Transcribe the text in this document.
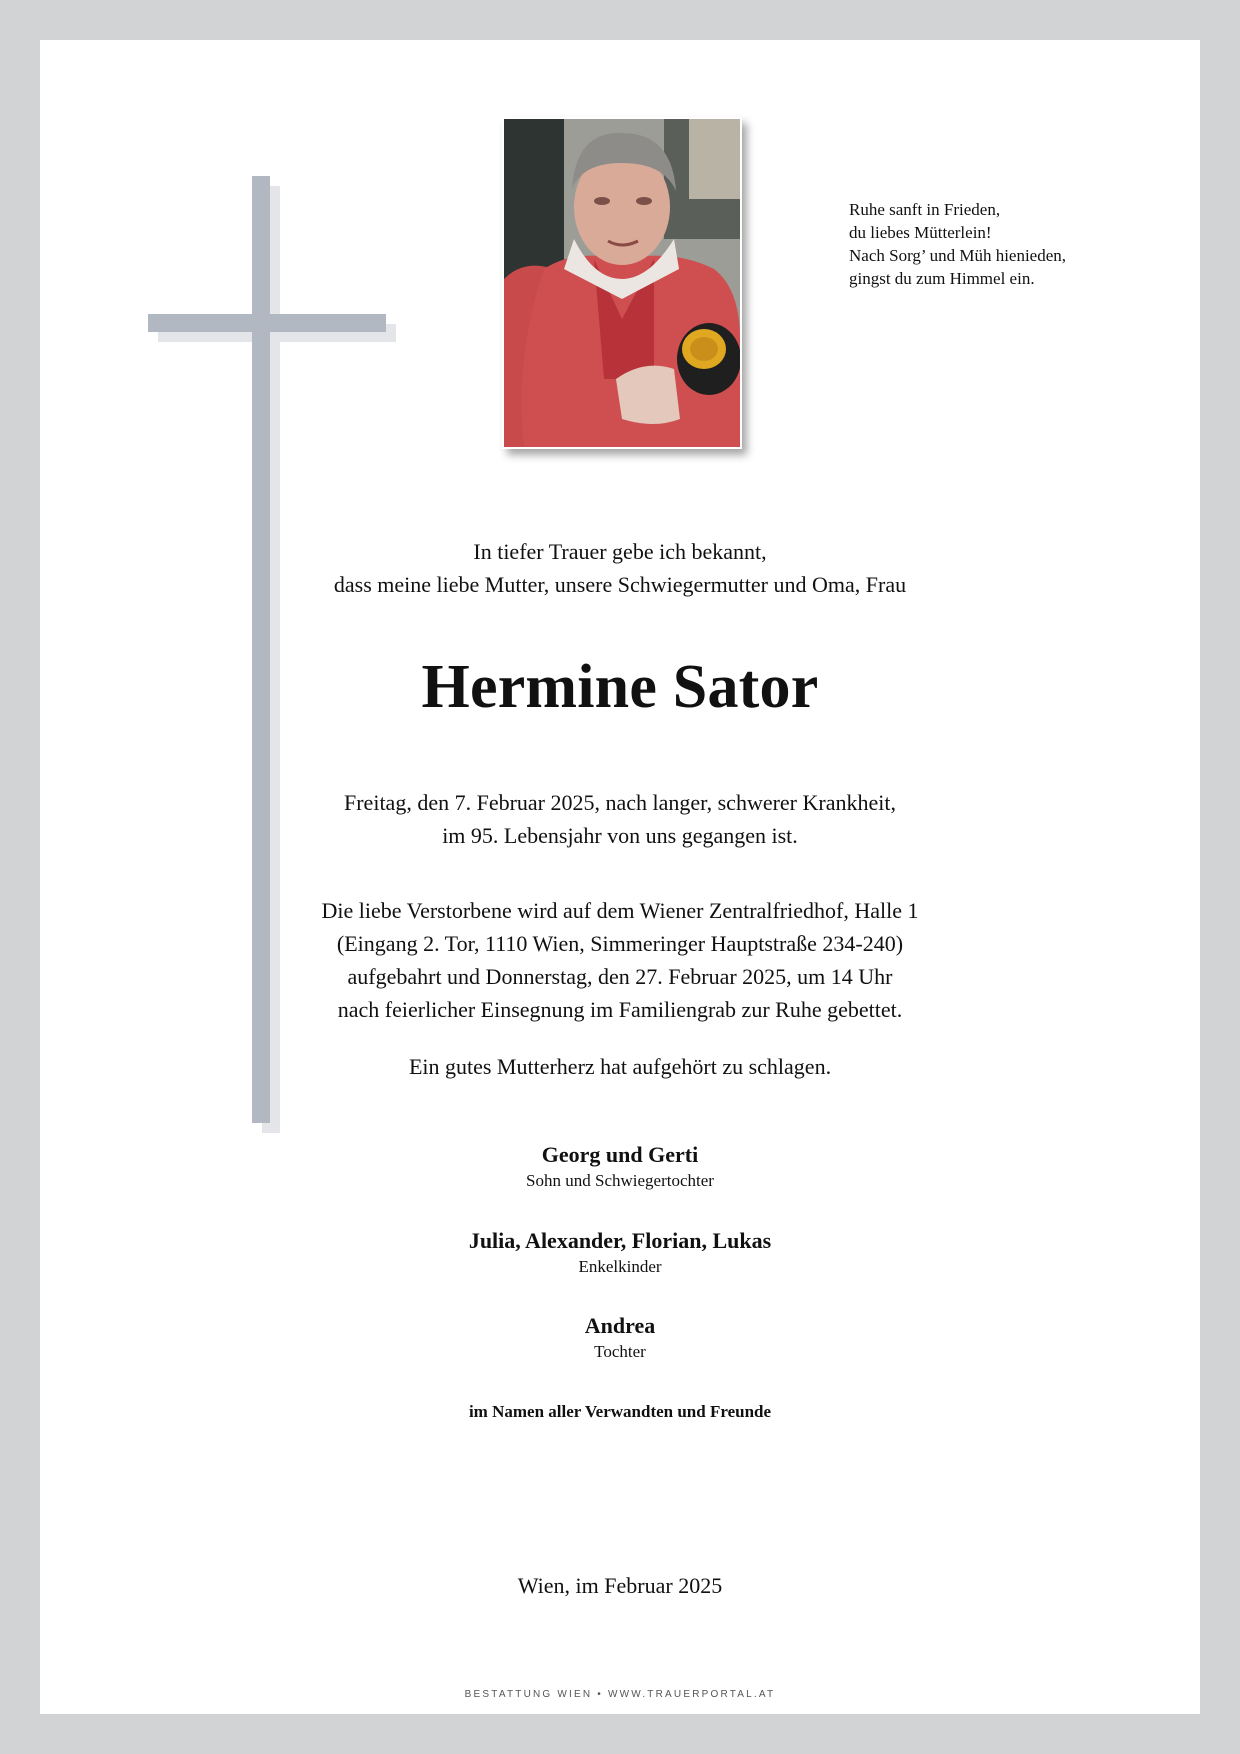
Ruhe sanft in Frieden,
du liebes Mütterlein!
Nach Sorg’ und Müh hienieden,
gingst du zum Himmel ein.
In tiefer Trauer gebe ich bekannt,
dass meine liebe Mutter, unsere Schwiegermutter und Oma, Frau
Hermine Sator
Freitag, den 7. Februar 2025, nach langer, schwerer Krankheit,
im 95. Lebensjahr von uns gegangen ist.
Die liebe Verstorbene wird auf dem Wiener Zentralfriedhof, Halle 1
(Eingang 2. Tor, 1110 Wien, Simmeringer Hauptstraße 234-240)
aufgebahrt und Donnerstag, den 27. Februar 2025, um 14 Uhr
nach feierlicher Einsegnung im Familiengrab zur Ruhe gebettet.
Ein gutes Mutterherz hat aufgehört zu schlagen.
Georg und Gerti
Sohn und Schwiegertochter
Julia, Alexander, Florian, Lukas
Enkelkinder
Andrea
Tochter
im Namen aller Verwandten und Freunde
Wien, im Februar 2025
BESTATTUNG WIEN • WWW.TRAUERPORTAL.AT
